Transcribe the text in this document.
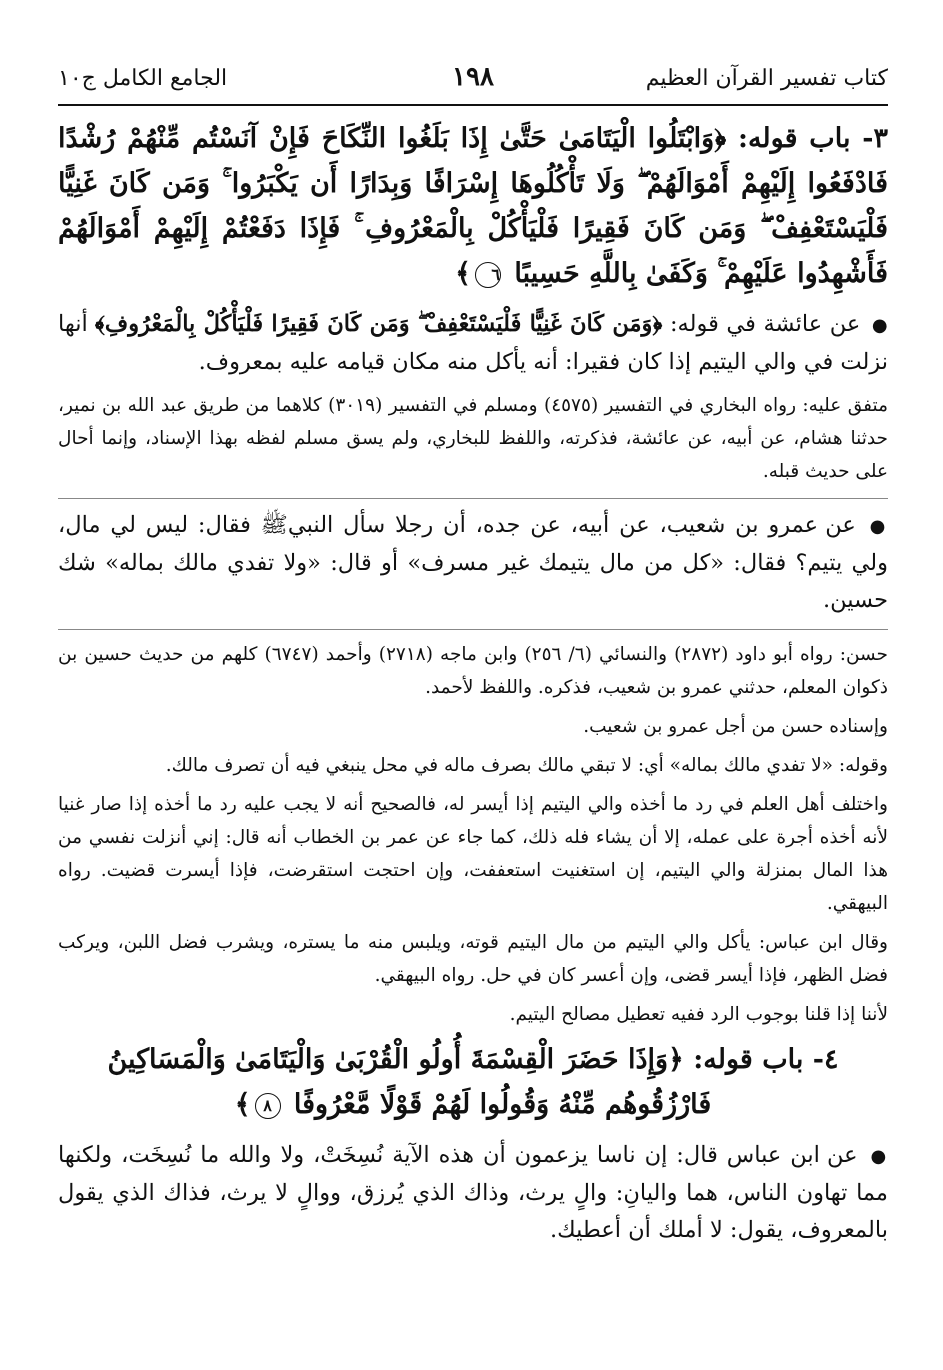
كتاب تفسير القرآن العظيم
١٩٨
الجامع الكامل ج١٠

٣- باب قوله: ﴿وَابْتَلُوا الْيَتَامَىٰ حَتَّىٰ إِذَا بَلَغُوا النِّكَاحَ فَإِنْ آنَسْتُم مِّنْهُمْ رُشْدًا فَادْفَعُوا إِلَيْهِمْ أَمْوَالَهُمْ ۖ وَلَا تَأْكُلُوهَا إِسْرَافًا وَبِدَارًا أَن يَكْبَرُوا ۚ وَمَن كَانَ غَنِيًّا فَلْيَسْتَعْفِفْ ۖ وَمَن كَانَ فَقِيرًا فَلْيَأْكُلْ بِالْمَعْرُوفِ ۚ فَإِذَا دَفَعْتُمْ إِلَيْهِمْ أَمْوَالَهُمْ فَأَشْهِدُوا عَلَيْهِمْ ۚ وَكَفَىٰ بِاللَّهِ حَسِيبًا ٦﴾

● عن عائشة في قوله: ﴿وَمَن كَانَ غَنِيًّا فَلْيَسْتَعْفِفْ ۖ وَمَن كَانَ فَقِيرًا فَلْيَأْكُلْ بِالْمَعْرُوفِ﴾ أنها نزلت في والي اليتيم إذا كان فقيرا: أنه يأكل منه مكان قيامه عليه بمعروف.

متفق عليه: رواه البخاري في التفسير (٤٥٧٥) ومسلم في التفسير (٣٠١٩) كلاهما من طريق عبد الله بن نمير، حدثنا هشام، عن أبيه، عن عائشة، فذكرته، واللفظ للبخاري، ولم يسق مسلم لفظه بهذا الإسناد، وإنما أحال على حديث قبله.

● عن عمرو بن شعيب، عن أبيه، عن جده، أن رجلا سأل النبيﷺ فقال: ليس لي مال، ولي يتيم؟ فقال: «كل من مال يتيمك غير مسرف» أو قال: «ولا تفدي مالك بماله» شك حسين.

حسن: رواه أبو داود (٢٨٧٢) والنسائي (٦/ ٢٥٦) وابن ماجه (٢٧١٨) وأحمد (٦٧٤٧) كلهم من حديث حسين بن ذكوان المعلم، حدثني عمرو بن شعيب، فذكره. واللفظ لأحمد.

وإسناده حسن من أجل عمرو بن شعيب.

وقوله: «لا تفدي مالك بماله» أي: لا تبقي مالك بصرف ماله في محل ينبغي فيه أن تصرف مالك.

واختلف أهل العلم في رد ما أخذه والي اليتيم إذا أيسر له، فالصحيح أنه لا يجب عليه رد ما أخذه إذا صار غنيا لأنه أخذه أجرة على عمله، إلا أن يشاء فله ذلك، كما جاء عن عمر بن الخطاب أنه قال: إني أنزلت نفسي من هذا المال بمنزلة والي اليتيم، إن استغنيت استعففت، وإن احتجت استقرضت، فإذا أيسرت قضيت. رواه البيهقي.

وقال ابن عباس: يأكل والي اليتيم من مال اليتيم قوته، ويلبس منه ما يستره، ويشرب فضل اللبن، ويركب فضل الظهر، فإذا أيسر قضى، وإن أعسر كان في حل. رواه البيهقي.

لأننا إذا قلنا بوجوب الرد ففيه تعطيل مصالح اليتيم.

٤- باب قوله: ﴿وَإِذَا حَضَرَ الْقِسْمَةَ أُولُو الْقُرْبَىٰ وَالْيَتَامَىٰ وَالْمَسَاكِينُ فَارْزُقُوهُم مِّنْهُ وَقُولُوا لَهُمْ قَوْلًا مَّعْرُوفًا ٨﴾

● عن ابن عباس قال: إن ناسا يزعمون أن هذه الآية نُسِخَتْ، ولا والله ما نُسِخَت، ولكنها مما تهاون الناس، هما واليانِ: والٍ يرث، وذاك الذي يُرزق، ووالٍ لا يرث، فذاك الذي يقول بالمعروف، يقول: لا أملك أن أعطيك.
